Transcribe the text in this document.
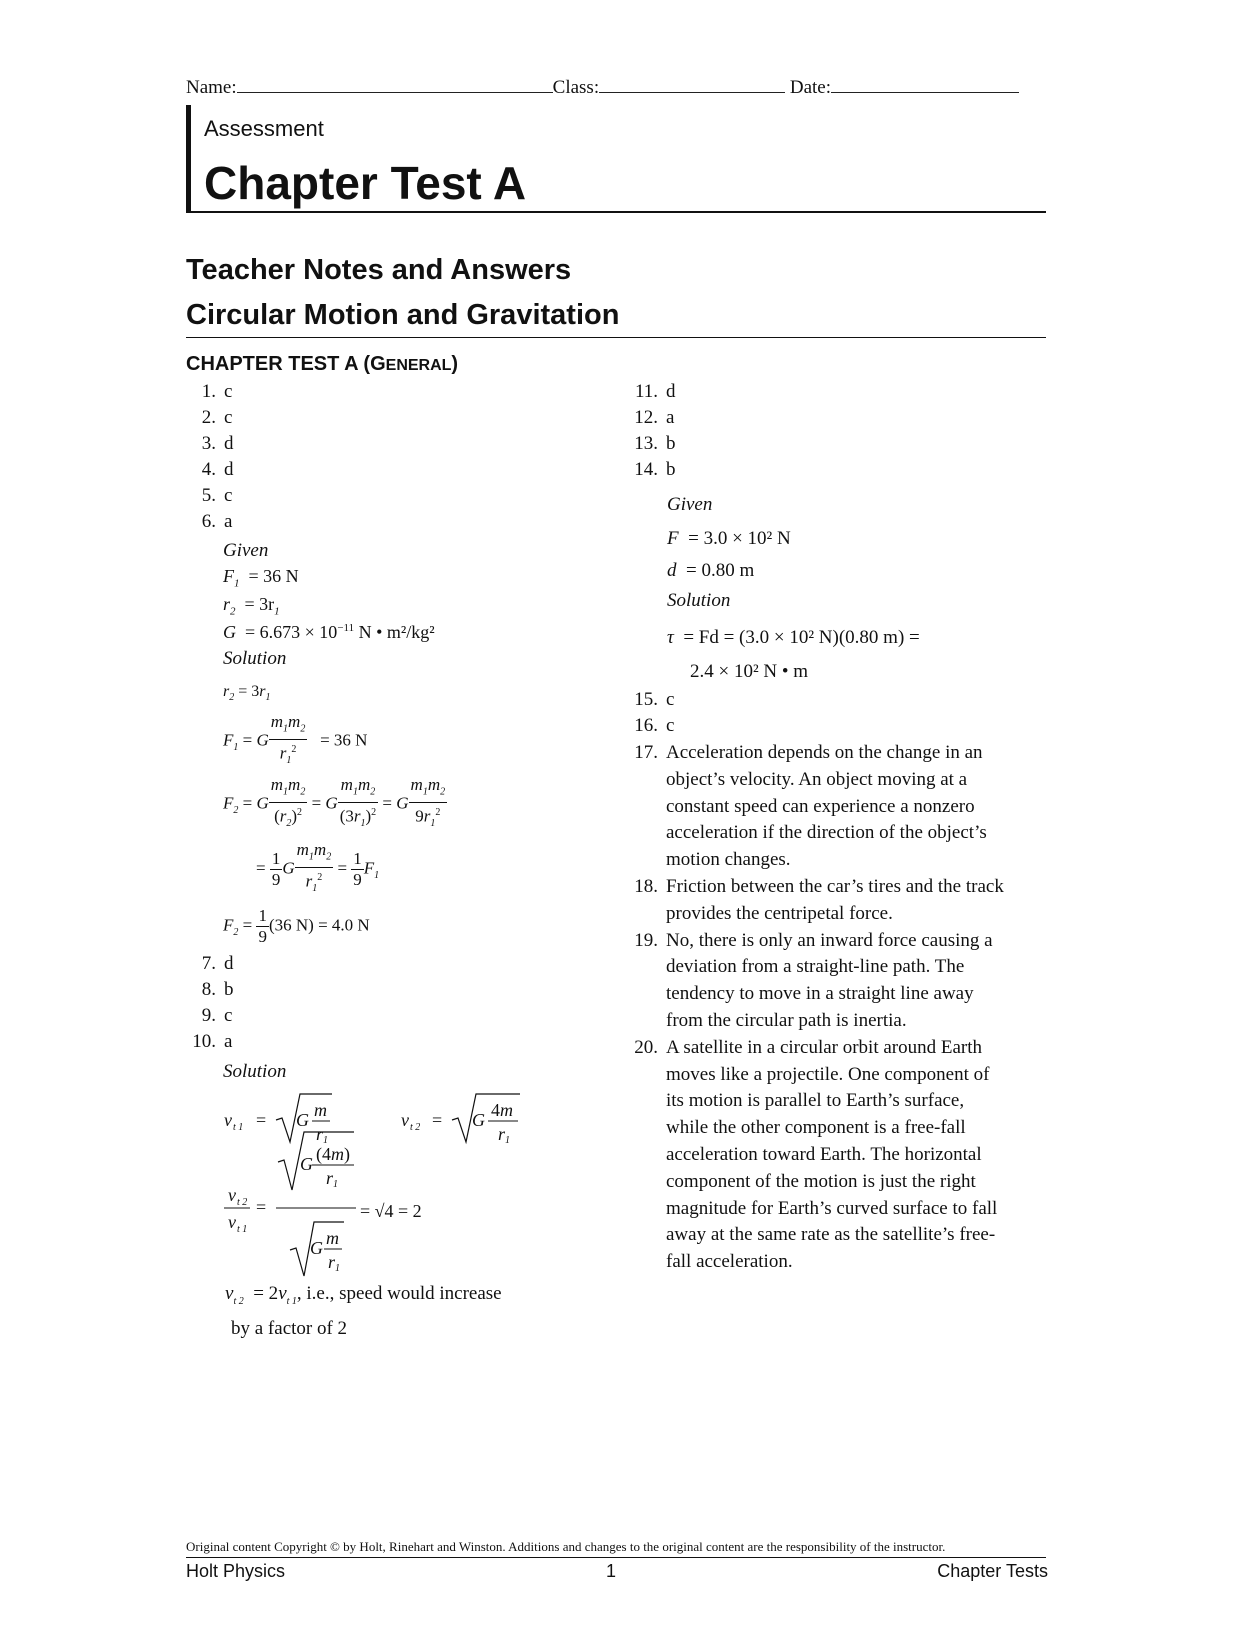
Name:	Class:	Date:
Assessment
Chapter Test A
Teacher Notes and Answers
Circular Motion and Gravitation
CHAPTER TEST A (GENERAL)
1. c
2. c
3. d
4. d
5. c
6. a
Given
$F_1 = 36$ N
$r_2 = 3r_1$
$G = 6.673 \times 10^{-11}$ N • m²/kg²
Solution
$r_2 = 3r_1$
$F_1 = G \frac{m_1m_2}{r_1^2} = 36$ N
$F_2 = G \frac{m_1m_2}{(r_2)^2} = G \frac{m_1m_2}{(3r_1)^2} = G \frac{m_1m_2}{9r_1^2}$
= $\frac{1}{9}$ G $\frac{m_1m_2}{r_1^2} = \frac{1}{9} F_1$
$F_2 = \frac{1}{9} (36$ N) = 4.0 N
7. d
8. b
9. c
10. a
Solution
v t 1 = G m
r 1
v t 2 = G 4m
r 1
v t 2
v t 1
=
G (4m)
r 1
G m
r 1
= √4 = 2
$v_{t 2} = 2v_{t 1}$, i.e., speed would increase
by a factor of 2
11. d
12. a
13. b
14. b
Given
F = 3.0 × 10² N
d = 0.80 m
Solution
τ = Fd = (3.0 × 10² N)(0.80 m) =
2.4 × 10² N • m
15. c
16. c
17. Acceleration depends on the change in an
object’s velocity. An object moving at a
constant speed can experience a nonzero
acceleration if the direction of the object’s
motion changes.
18. Friction between the car’s tires and the track
provides the centripetal force.
19. No, there is only an inward force causing a
deviation from a straight-line path. The
tendency to move in a straight line away
from the circular path is inertia.
20. A satellite in a circular orbit around Earth
moves like a projectile. One component of
its motion is parallel to Earth’s surface,
while the other component is a free-fall
acceleration toward Earth. The horizontal
component of the motion is just the right
magnitude for Earth’s curved surface to fall
away at the same rate as the satellite’s free-
fall acceleration.
Original content Copyright © by Holt, Rinehart and Winston. Additions and changes to the original content are the responsibility of the instructor.
Holt Physics	1	Chapter Tests
